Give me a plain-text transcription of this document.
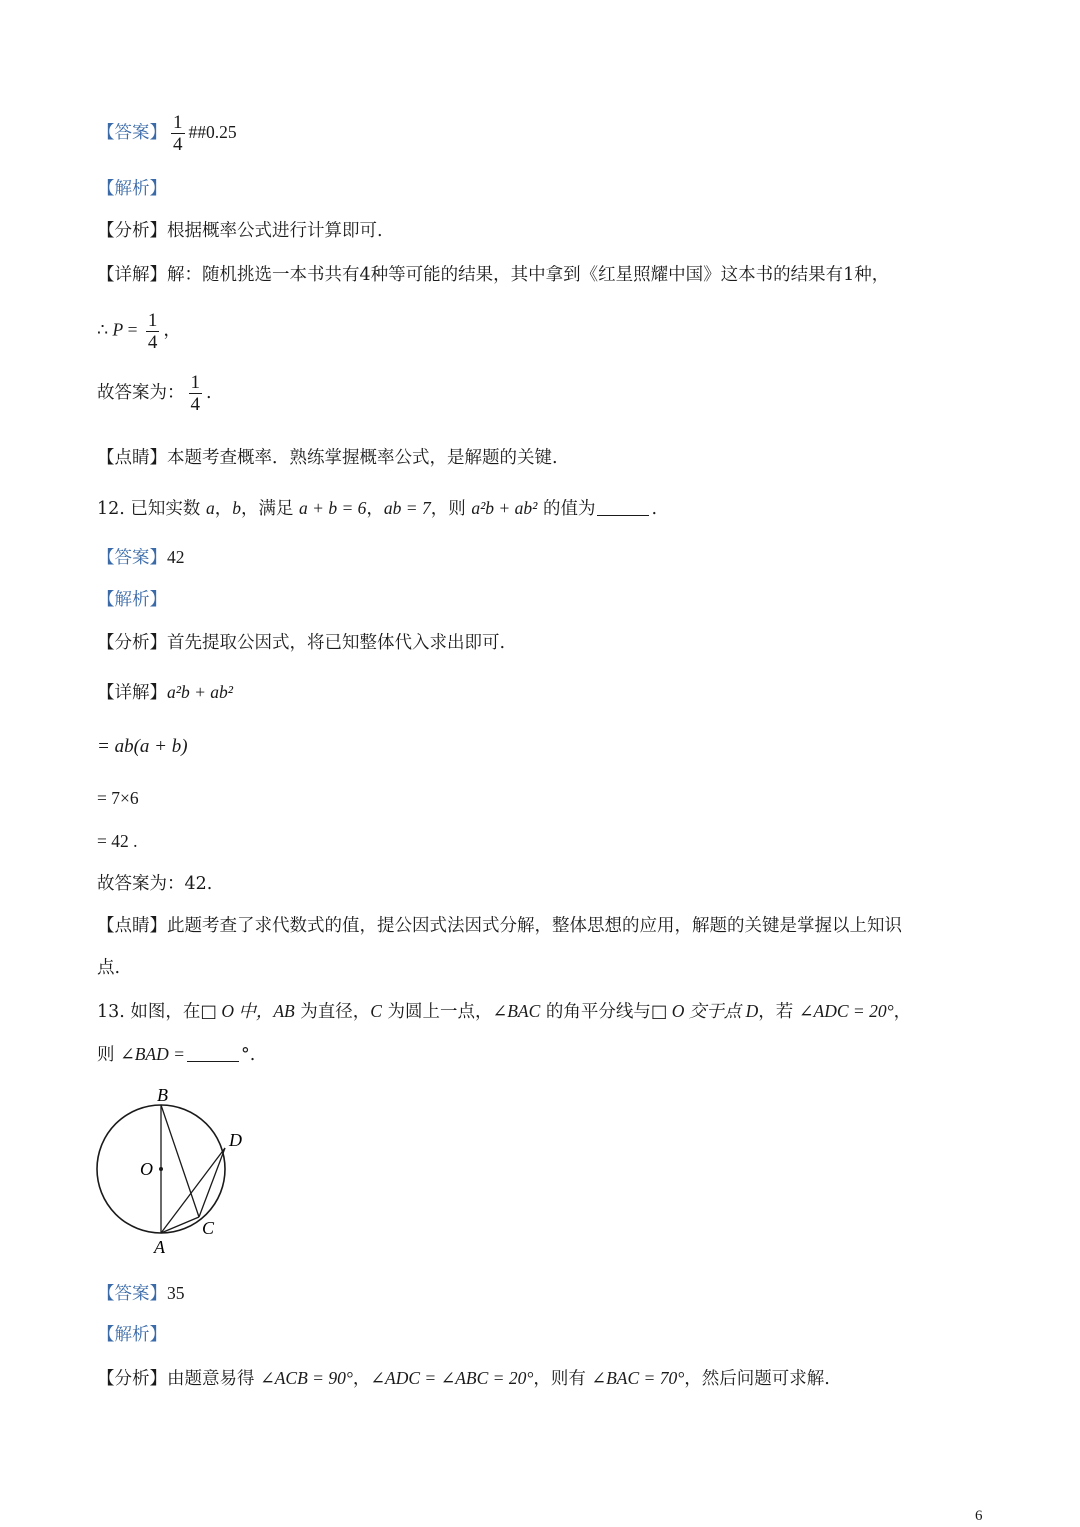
【答案】 $\frac{1}{4}$ ##0.25
【解析】
【分析】根据概率公式进行计算即可.
【详解】解：随机挑选一本书共有4种等可能的结果，其中拿到《红星照耀中国》这本书的结果有1种，
∴ $P = \frac{1}{4}$ ，
故答案为： $\frac{1}{4}$ .
【点睛】本题考查概率．熟练掌握概率公式，是解题的关键.
12. 已知实数 a，b，满足 a + b = 6，ab = 7，则 a²b + ab² 的值为	.
【答案】42
【解析】
【分析】首先提取公因式，将已知整体代入求出即可.
【详解】a²b + ab²
= ab(a + b)
= 7×6
= 42 .
故答案为：42.
【点睛】此题考查了求代数式的值，提公因式法因式分解，整体思想的应用，解题的关键是掌握以上知识
点.
13. 如图，在□ O 中，AB 为直径，C 为圆上一点，∠BAC 的角平分线与□ O 交于点 D，若 ∠ADC = 20°，
则 ∠BAD =	°.
B
D
O
C
A
【答案】35
【解析】
【分析】由题意易得 ∠ACB = 90°，∠ADC = ∠ABC = 20°，则有 ∠BAC = 70°，然后问题可求解.
6
